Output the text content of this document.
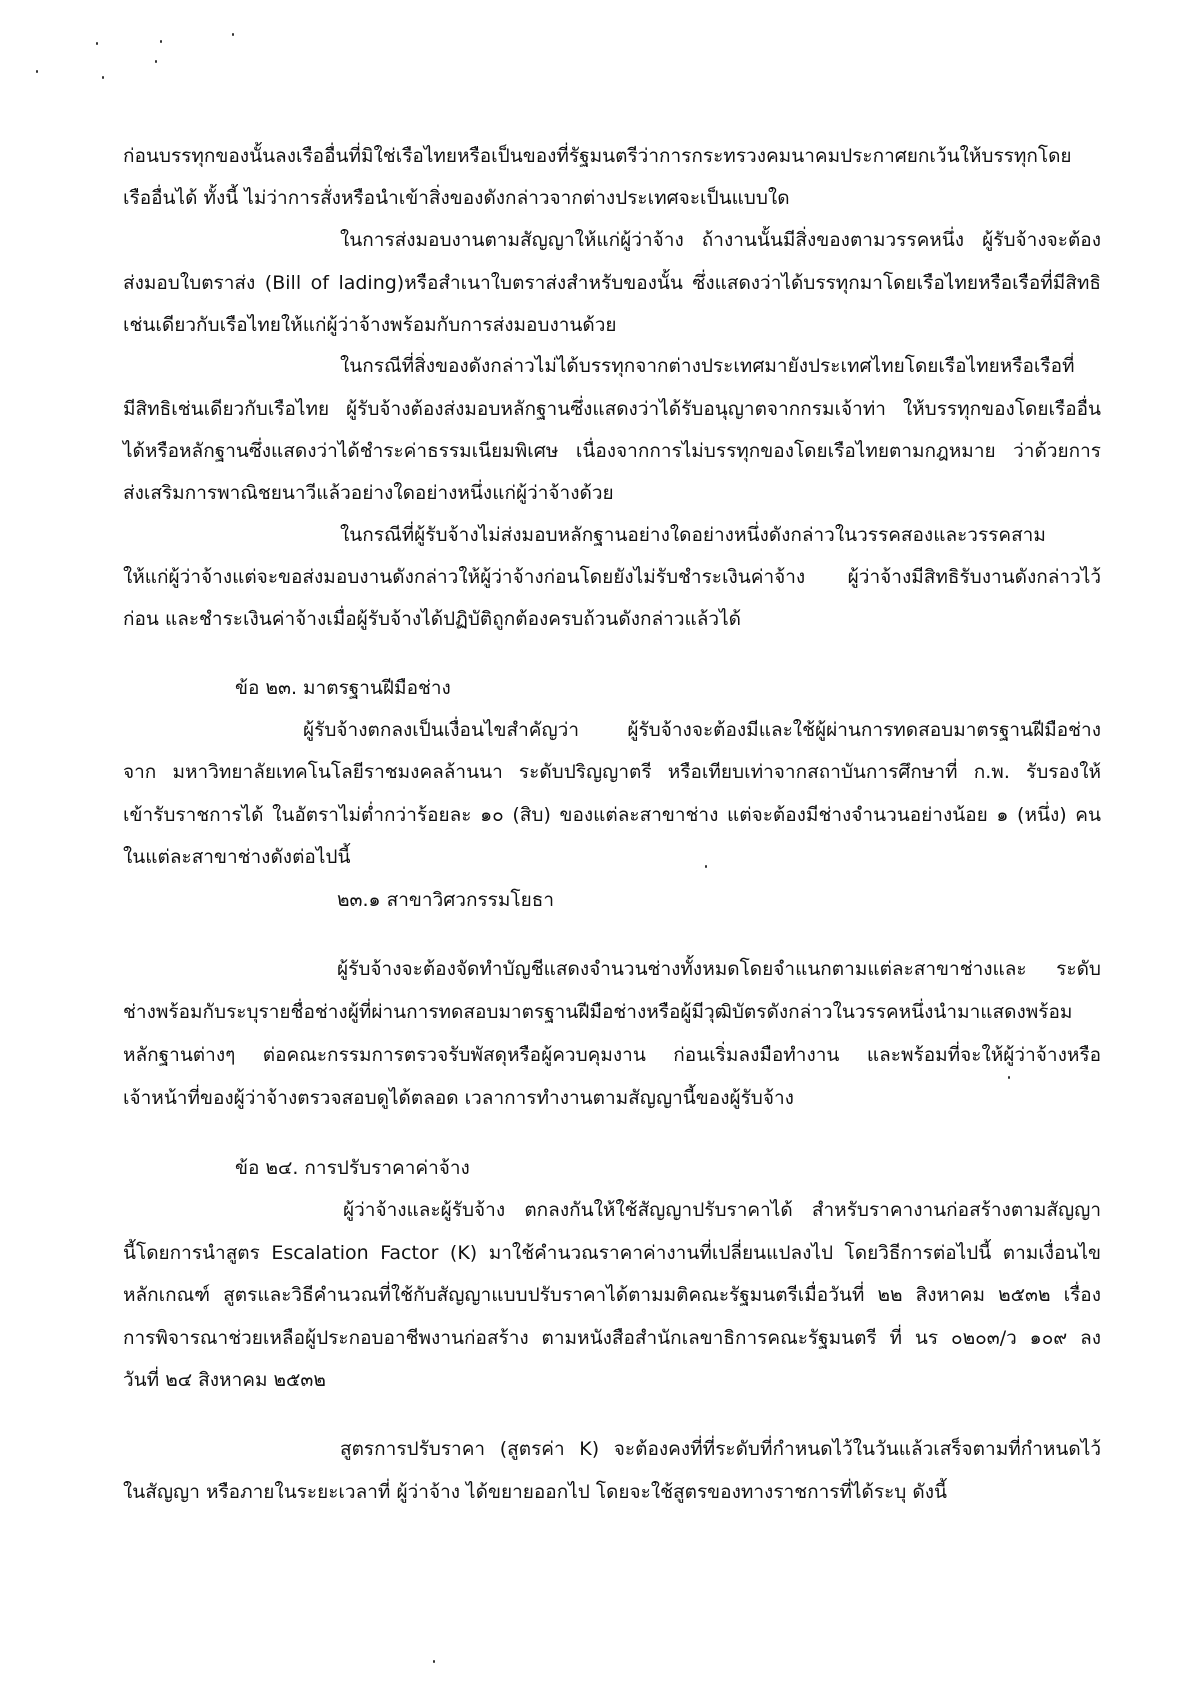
ก่อนบรรทุกของนั้นลงเรืออื่นที่มิใช่เรือไทยหรือเป็นของที่รัฐมนตรีว่าการกระทรวงคมนาคมประกาศยกเว้นให้บรรทุกโดย
เรืออื่นได้ ทั้งนี้ ไม่ว่าการสั่งหรือนำเข้าสิ่งของดังกล่าวจากต่างประเทศจะเป็นแบบใด
ในการส่งมอบงานตามสัญญาให้แก่ผู้ว่าจ้าง ถ้างานนั้นมีสิ่งของตามวรรคหนึ่ง ผู้รับจ้างจะต้อง
ส่งมอบใบตราส่ง (Bill of lading)หรือสำเนาใบตราส่งสำหรับของนั้น ซึ่งแสดงว่าได้บรรทุกมาโดยเรือไทยหรือเรือที่มีสิทธิ
เช่นเดียวกับเรือไทยให้แก่ผู้ว่าจ้างพร้อมกับการส่งมอบงานด้วย
ในกรณีที่สิ่งของดังกล่าวไม่ได้บรรทุกจากต่างประเทศมายังประเทศไทยโดยเรือไทยหรือเรือที่
มีสิทธิเช่นเดียวกับเรือไทย ผู้รับจ้างต้องส่งมอบหลักฐานซึ่งแสดงว่าได้รับอนุญาตจากกรมเจ้าท่า ให้บรรทุกของโดยเรืออื่น
ได้หรือหลักฐานซึ่งแสดงว่าได้ชำระค่าธรรมเนียมพิเศษ เนื่องจากการไม่บรรทุกของโดยเรือไทยตามกฎหมาย ว่าด้วยการ
ส่งเสริมการพาณิชยนาวีแล้วอย่างใดอย่างหนึ่งแก่ผู้ว่าจ้างด้วย
ในกรณีที่ผู้รับจ้างไม่ส่งมอบหลักฐานอย่างใดอย่างหนึ่งดังกล่าวในวรรคสองและวรรคสาม
ให้แก่ผู้ว่าจ้างแต่จะขอส่งมอบงานดังกล่าวให้ผู้ว่าจ้างก่อนโดยยังไม่รับชำระเงินค่าจ้าง ผู้ว่าจ้างมีสิทธิรับงานดังกล่าวไว้
ก่อน และชำระเงินค่าจ้างเมื่อผู้รับจ้างได้ปฏิบัติถูกต้องครบถ้วนดังกล่าวแล้วได้
ข้อ ๒๓. มาตรฐานฝีมือช่าง
ผู้รับจ้างตกลงเป็นเงื่อนไขสำคัญว่า ผู้รับจ้างจะต้องมีและใช้ผู้ผ่านการทดสอบมาตรฐานฝีมือช่าง
จาก มหาวิทยาลัยเทคโนโลยีราชมงคลล้านนา ระดับปริญญาตรี หรือเทียบเท่าจากสถาบันการศึกษาที่ ก.พ. รับรองให้
เข้ารับราชการได้ ในอัตราไม่ต่ำกว่าร้อยละ ๑๐ (สิบ) ของแต่ละสาขาช่าง แต่จะต้องมีช่างจำนวนอย่างน้อย ๑ (หนึ่ง) คน
ในแต่ละสาขาช่างดังต่อไปนี้
๒๓.๑ สาขาวิศวกรรมโยธา
ผู้รับจ้างจะต้องจัดทำบัญชีแสดงจำนวนช่างทั้งหมดโดยจำแนกตามแต่ละสาขาช่างและ ระดับ
ช่างพร้อมกับระบุรายชื่อช่างผู้ที่ผ่านการทดสอบมาตรฐานฝีมือช่างหรือผู้มีวุฒิบัตรดังกล่าวในวรรคหนึ่งนำมาแสดงพร้อม
หลักฐานต่างๆ ต่อคณะกรรมการตรวจรับพัสดุหรือผู้ควบคุมงาน ก่อนเริ่มลงมือทำงาน และพร้อมที่จะให้ผู้ว่าจ้างหรือ
เจ้าหน้าที่ของผู้ว่าจ้างตรวจสอบดูได้ตลอด เวลาการทำงานตามสัญญานี้ของผู้รับจ้าง
ข้อ ๒๔. การปรับราคาค่าจ้าง
ผู้ว่าจ้างและผู้รับจ้าง ตกลงกันให้ใช้สัญญาปรับราคาได้ สำหรับราคางานก่อสร้างตามสัญญา
นี้โดยการนำสูตร Escalation Factor (K) มาใช้คำนวณราคาค่างานที่เปลี่ยนแปลงไป โดยวิธีการต่อไปนี้ ตามเงื่อนไข
หลักเกณฑ์ สูตรและวิธีคำนวณที่ใช้กับสัญญาแบบปรับราคาได้ตามมติคณะรัฐมนตรีเมื่อวันที่ ๒๒ สิงหาคม ๒๕๓๒ เรื่อง
การพิจารณาช่วยเหลือผู้ประกอบอาชีพงานก่อสร้าง ตามหนังสือสำนักเลขาธิการคณะรัฐมนตรี ที่ นร ๐๒๐๓/ว ๑๐๙ ลง
วันที่ ๒๔ สิงหาคม ๒๕๓๒
สูตรการปรับราคา (สูตรค่า K) จะต้องคงที่ที่ระดับที่กำหนดไว้ในวันแล้วเสร็จตามที่กำหนดไว้
ในสัญญา หรือภายในระยะเวลาที่ ผู้ว่าจ้าง ได้ขยายออกไป โดยจะใช้สูตรของทางราชการที่ได้ระบุ ดังนี้
